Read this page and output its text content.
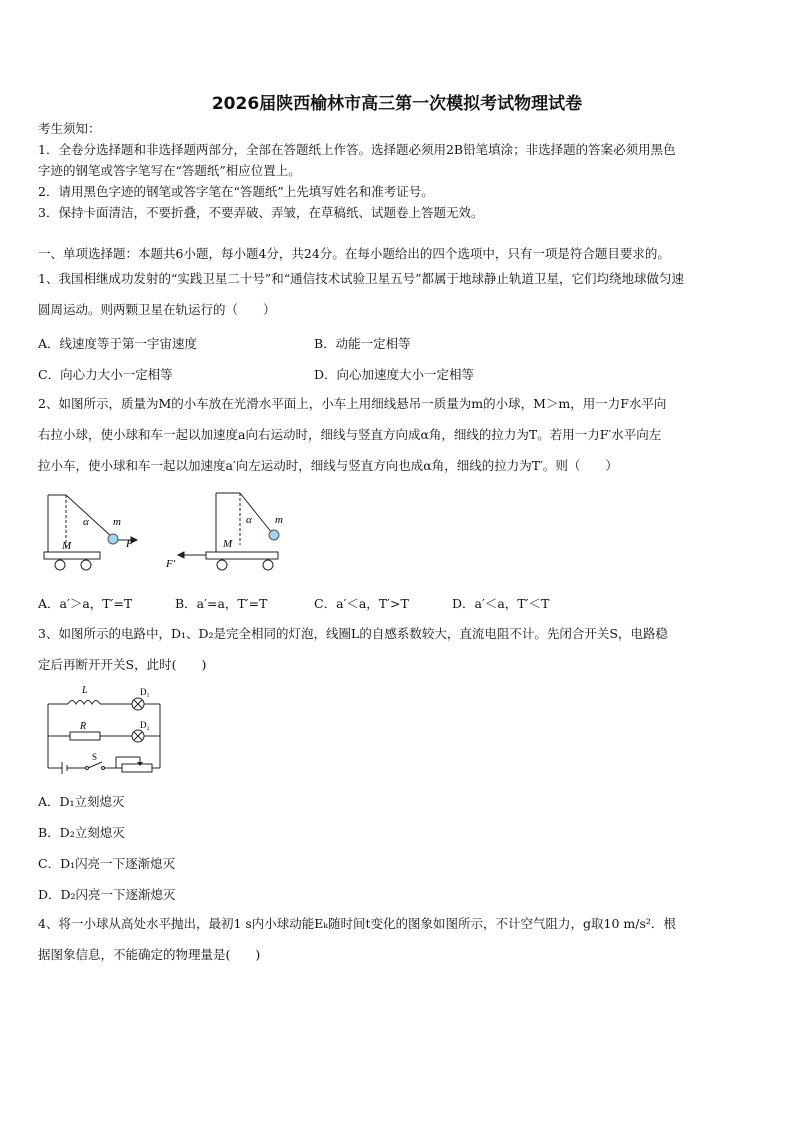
2026届陕西榆林市高三第一次模拟考试物理试卷
考生须知：
1．全卷分选择题和非选择题两部分，全部在答题纸上作答。选择题必须用2B铅笔填涂；非选择题的答案必须用黑色
字迹的钢笔或答字笔写在“答题纸”相应位置上。
2．请用黑色字迹的钢笔或答字笔在“答题纸”上先填写姓名和准考证号。
3．保持卡面清洁，不要折叠，不要弄破、弄皱，在草稿纸、试题卷上答题无效。
一、单项选择题：本题共6小题，每小题4分，共24分。在每小题给出的四个选项中，只有一项是符合题目要求的。
1、我国相继成功发射的“实践卫星二十号”和“通信技术试验卫星五号”都属于地球静止轨道卫星，它们均绕地球做匀速
圆周运动。则两颗卫星在轨运行的（　　）
A．线速度等于第一宇宙速度	B．动能一定相等
C．向心力大小一定相等	D．向心加速度大小一定相等
2、如图所示，质量为M的小车放在光滑水平面上，小车上用细线悬吊一质量为m的小球，M＞m，用一力F水平向
右拉小球，使小球和车一起以加速度a向右运动时，细线与竖直方向成α角，细线的拉力为T。若用一力F′水平向左
拉小车，使小球和车一起以加速度a′向左运动时，细线与竖直方向也成α角，细线的拉力为T′。则（　　）
α m
M	F
α m
M
F′
A．a′＞a，T′=T	B．a′=a，T′=T	C．a′＜a，T′>T	D．a′＜a，T′＜T
3、如图所示的电路中，D₁、D₂是完全相同的灯泡，线圈L的自感系数较大，直流电阻不计。先闭合开关S，电路稳
定后再断开开关S，此时(　　)
L	D₁
R	D₂
S
A．D₁立刻熄灭
B．D₂立刻熄灭
C．D₁闪亮一下逐渐熄灭
D．D₂闪亮一下逐渐熄灭
4、将一小球从高处水平抛出，最初1 s内小球动能Eₖ随时间t变化的图象如图所示，不计空气阻力，g取10 m/s²．根
据图象信息，不能确定的物理量是(　　)
